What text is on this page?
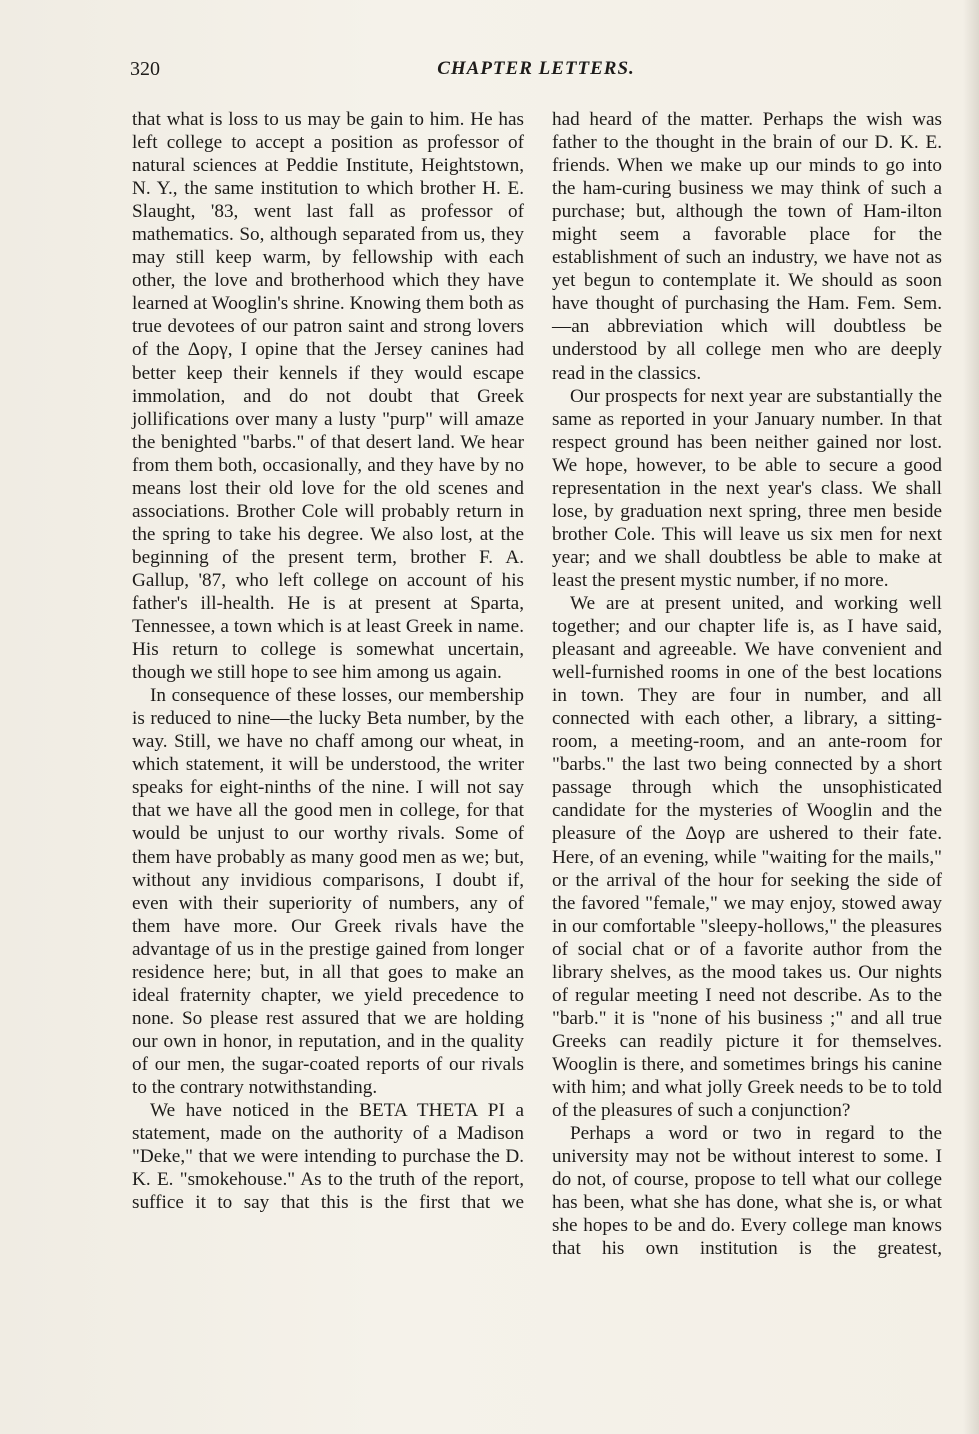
320	CHAPTER LETTERS.

that what is loss to us may be gain to him. He has left college to accept a position as professor of natural sciences at Peddie Institute, Heightstown, N. Y., the same institution to which brother H. E. Slaught, '83, went last fall as professor of mathematics. So, although separated from us, they may still keep warm, by fellowship with each other, the love and brotherhood which they have learned at Wooglin's shrine. Knowing them both as true devotees of our patron saint and strong lovers of the Δοργ, I opine that the Jersey canines had better keep their kennels if they would escape immolation, and do not doubt that Greek jollifications over many a lusty "purp" will amaze the benighted "barbs." of that desert land. We hear from them both, occasionally, and they have by no means lost their old love for the old scenes and associations. Brother Cole will probably return in the spring to take his degree. We also lost, at the beginning of the present term, brother F. A. Gallup, '87, who left college on account of his father's ill-health. He is at present at Sparta, Tennessee, a town which is at least Greek in name. His return to college is somewhat uncertain, though we still hope to see him among us again.

In consequence of these losses, our membership is reduced to nine—the lucky Beta number, by the way. Still, we have no chaff among our wheat, in which statement, it will be understood, the writer speaks for eight-ninths of the nine. I will not say that we have all the good men in college, for that would be unjust to our worthy rivals. Some of them have probably as many good men as we; but, without any invidious comparisons, I doubt if, even with their superiority of numbers, any of them have more. Our Greek rivals have the advantage of us in the prestige gained from longer residence here; but, in all that goes to make an ideal fraternity chapter, we yield precedence to none. So please rest assured that we are holding our own in honor, in reputation, and in the quality of our men, the sugar-coated reports of our rivals to the contrary notwithstanding.

We have noticed in the BETA THETA PI a statement, made on the authority of a Madison "Deke," that we were intending to purchase the D. K. E. "smokehouse." As to the truth of the report, suffice it to say that this is the first that we

had heard of the matter. Perhaps the wish was father to the thought in the brain of our D. K. E. friends. When we make up our minds to go into the ham-curing business we may think of such a purchase; but, although the town of Ham-ilton might seem a favorable place for the establishment of such an industry, we have not as yet begun to contemplate it. We should as soon have thought of purchasing the Ham. Fem. Sem.—an abbreviation which will doubtless be understood by all college men who are deeply read in the classics.

Our prospects for next year are substantially the same as reported in your January number. In that respect ground has been neither gained nor lost. We hope, however, to be able to secure a good representation in the next year's class. We shall lose, by graduation next spring, three men beside brother Cole. This will leave us six men for next year; and we shall doubtless be able to make at least the present mystic number, if no more.

We are at present united, and working well together; and our chapter life is, as I have said, pleasant and agreeable. We have convenient and well-furnished rooms in one of the best locations in town. They are four in number, and all connected with each other, a library, a sitting-room, a meeting-room, and an ante-room for "barbs." the last two being connected by a short passage through which the unsophisticated candidate for the mysteries of Wooglin and the pleasure of the Δογρ are ushered to their fate. Here, of an evening, while "waiting for the mails," or the arrival of the hour for seeking the side of the favored "female," we may enjoy, stowed away in our comfortable "sleepy-hollows," the pleasures of social chat or of a favorite author from the library shelves, as the mood takes us. Our nights of regular meeting I need not describe. As to the "barb." it is "none of his business ;" and all true Greeks can readily picture it for themselves. Wooglin is there, and sometimes brings his canine with him; and what jolly Greek needs to be to told of the pleasures of such a conjunction?

Perhaps a word or two in regard to the university may not be without interest to some. I do not, of course, propose to tell what our college has been, what she has done, what she is, or what she hopes to be and do. Every college man knows that his own institution is the greatest,
